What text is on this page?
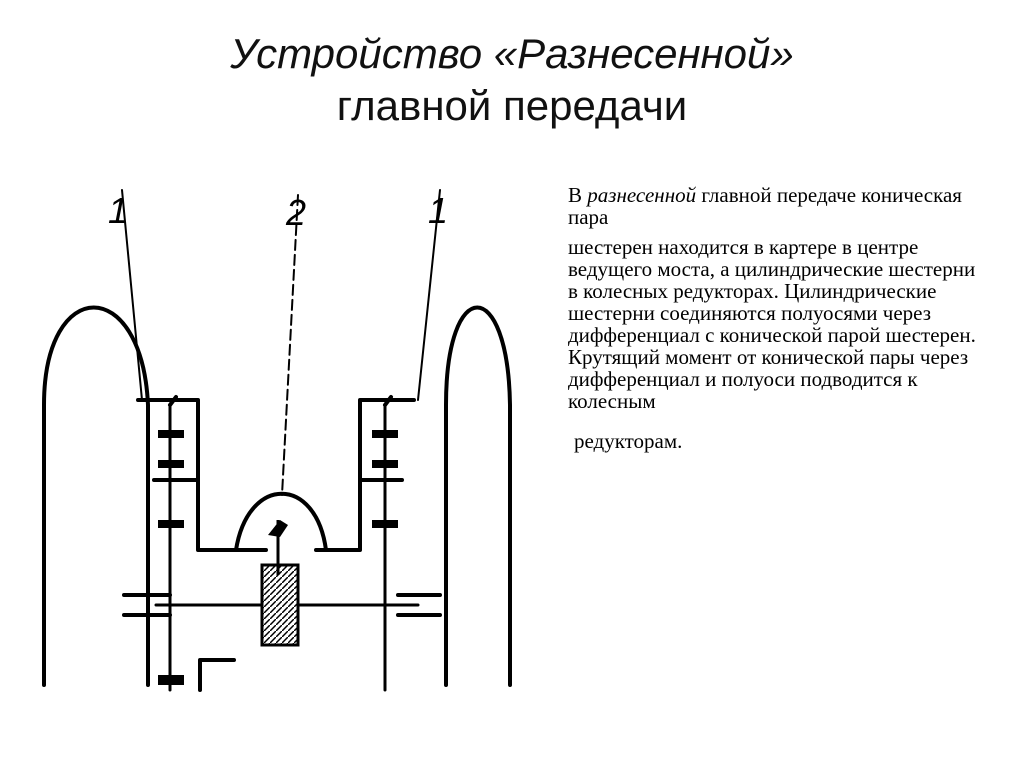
Устройство «Разнесенной»
главной передачи
1	2	1	В разнесенной главной передаче коническая пара

шестерен находится в картере в центре ведущего моста, а цилиндрические шестерни в колесных редукторах. Цилиндрические шестерни соединяются полуосями через дифференциал с конической парой шестерен. Крутящий момент от конической пары через дифференциал и полуоси подводится к колесным

редукторам.
